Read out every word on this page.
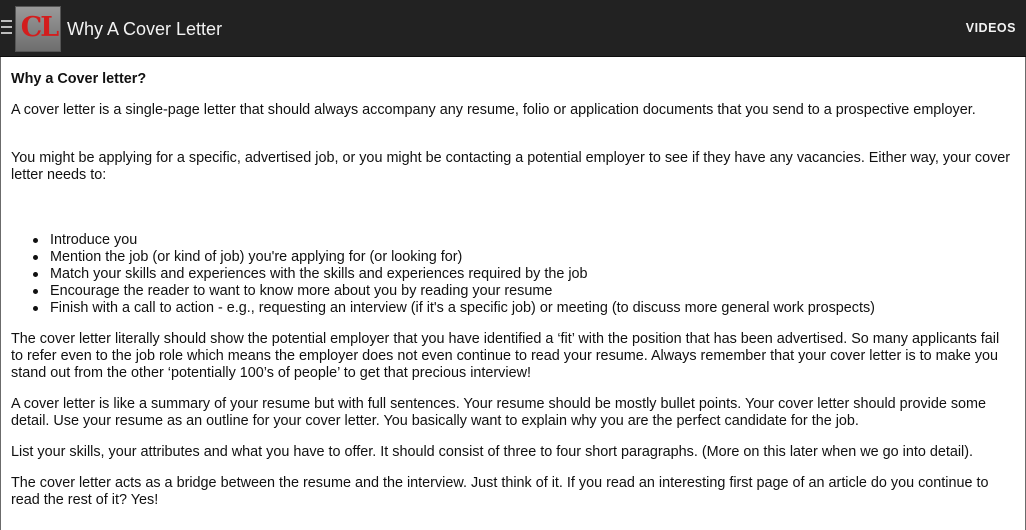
CL Why A Cover Letter	VIDEOS

Why a Cover letter?

A cover letter is a single-page letter that should always accompany any resume, folio or application documents that you send to a prospective employer.

You might be applying for a specific, advertised job, or you might be contacting a potential employer to see if they have any vacancies. Either way, your cover letter needs to:

Introduce you
Mention the job (or kind of job) you're applying for (or looking for)
Match your skills and experiences with the skills and experiences required by the job
Encourage the reader to want to know more about you by reading your resume
Finish with a call to action - e.g., requesting an interview (if it's a specific job) or meeting (to discuss more general work prospects)

The cover letter literally should show the potential employer that you have identified a ‘fit’ with the position that has been advertised. So many applicants fail to refer even to the job role which means the employer does not even continue to read your resume. Always remember that your cover letter is to make you stand out from the other ‘potentially 100’s of people’ to get that precious interview!

A cover letter is like a summary of your resume but with full sentences. Your resume should be mostly bullet points. Your cover letter should provide some detail. Use your resume as an outline for your cover letter. You basically want to explain why you are the perfect candidate for the job.

List your skills, your attributes and what you have to offer. It should consist of three to four short paragraphs. (More on this later when we go into detail).

The cover letter acts as a bridge between the resume and the interview. Just think of it. If you read an interesting first page of an article do you continue to read the rest of it? Yes!
